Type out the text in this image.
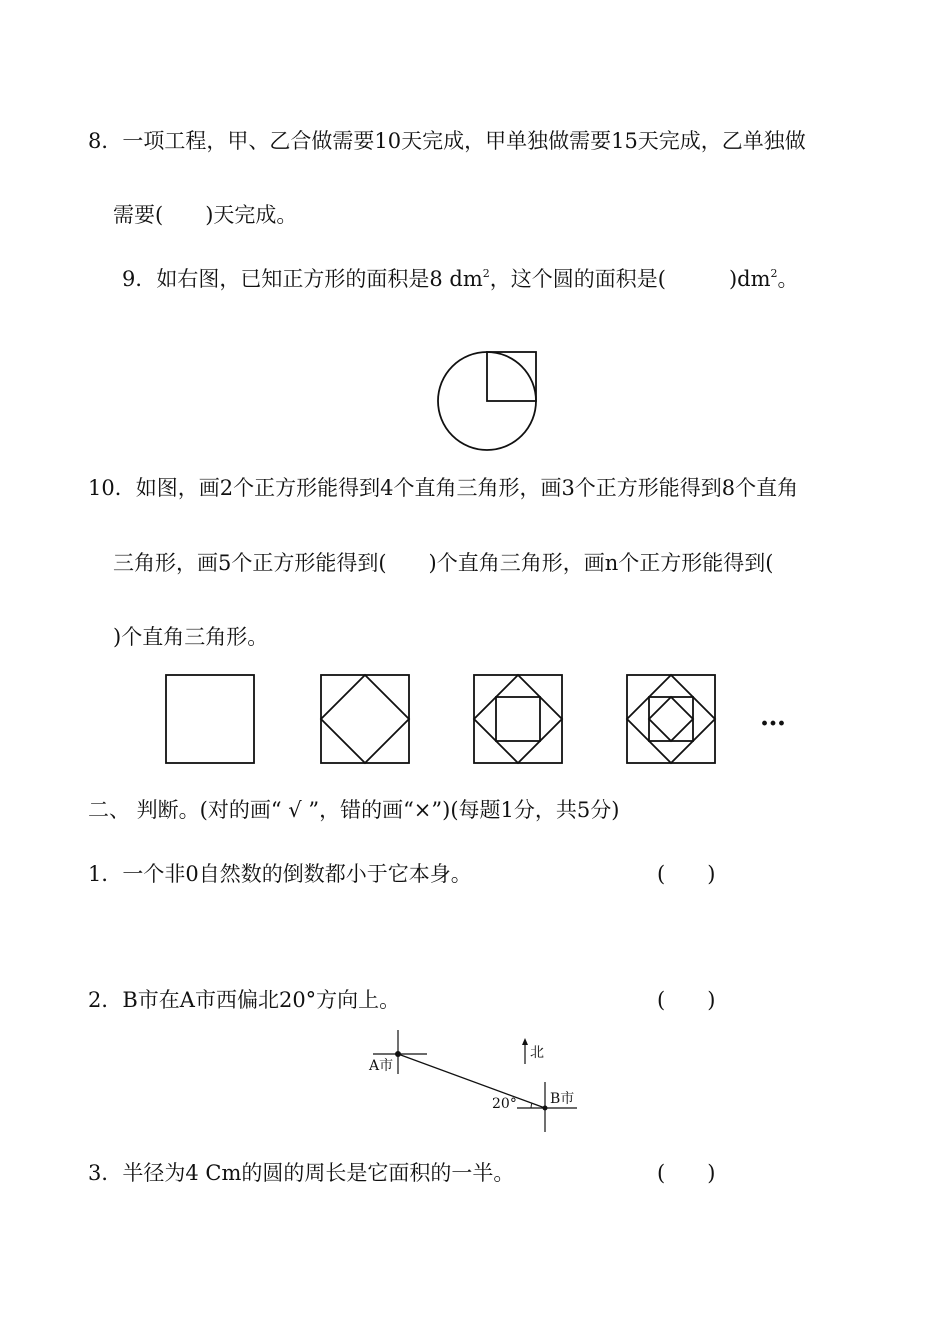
8．一项工程，甲、乙合做需要10天完成，甲单独做需要15天完成，乙单独做
需要(　　)天完成。
9．如右图，已知正方形的面积是8 $dm^2$，这个圆的面积是(　　　)$dm^2$。
10．如图，画2个正方形能得到4个直角三角形，画3个正方形能得到8个直角
三角形，画5个正方形能得到(　　)个直角三角形，画n个正方形能得到(
)个直角三角形。
…
二、 判断。(对的画“ √ ”，错的画“×”)(每题1分，共5分)
1．一个非0自然数的倒数都小于它本身。	(　　)
2．B市在A市西偏北20°方向上。	(　　)
A市
B市
北
20°
3．半径为4 Cm的圆的周长是它面积的一半。	(　　)
